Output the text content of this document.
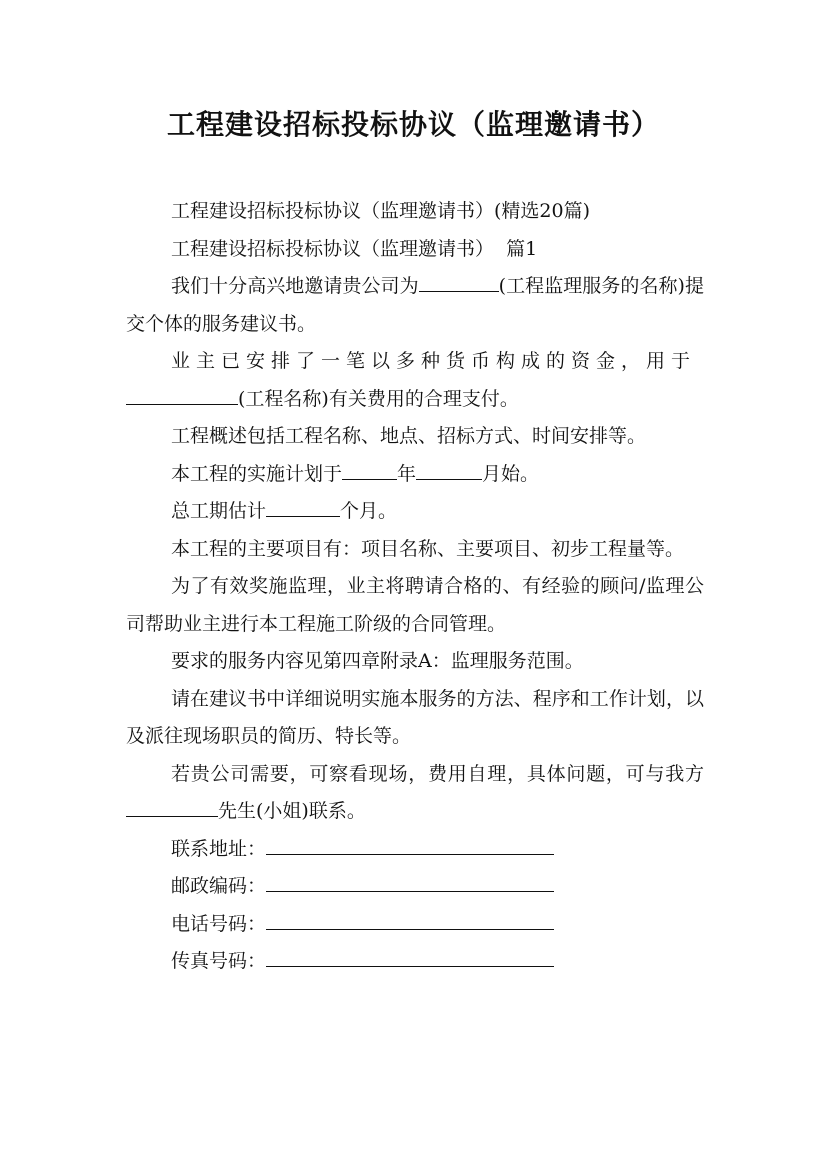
工程建设招标投标协议（监理邀请书）

工程建设招标投标协议（监理邀请书）(精选20篇)

工程建设招标投标协议（监理邀请书）  篇1

我们十分高兴地邀请贵公司为	(工程监理服务的名称)提交个体的服务建议书。

业主已安排了一笔以多种货币构成的资金，用于

(工程名称)有关费用的合理支付。

工程概述包括工程名称、地点、招标方式、时间安排等。

本工程的实施计划于	年	月始。

总工期估计	个月。

本工程的主要项目有：项目名称、主要项目、初步工程量等。

为了有效奖施监理，业主将聘请合格的、有经验的顾问/监理公司帮助业主进行本工程施工阶级的合同管理。

要求的服务内容见第四章附录A：监理服务范围。

请在建议书中详细说明实施本服务的方法、程序和工作计划，以及派往现场职员的简历、特长等。

若贵公司需要，可察看现场，费用自理，具体问题，可与我方先生(小姐)联系。

联系地址：

邮政编码：

电话号码：

传真号码：
